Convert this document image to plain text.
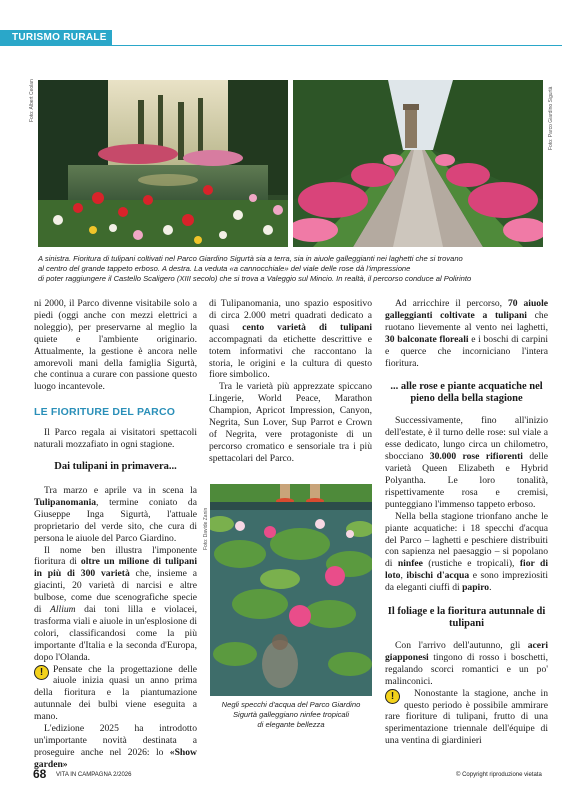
TURISMO RURALE
Foto: Albert Ceolan	Foto: Parco Giardino Sigurtà
A sinistra. Fioritura di tulipani coltivati nel Parco Giardino Sigurtà sia a terra, sia in aiuole galleggianti nei laghetti che si trovano
al centro del grande tappeto erboso. A destra. La veduta «a cannocchiale» del viale delle rose dà l'impressione
di poter raggiungere il Castello Scaligero (XIII secolo) che si trova a Valeggio sul Mincio. In realtà, il percorso conduce al Polirinto

ni 2000, il Parco divenne visitabile solo a piedi (oggi anche con mezzi elettrici a noleggio), per preservarne al meglio la quiete e l'ambiente originario. Attualmente, la gestione è ancora nelle amorevoli mani della famiglia Sigurtà, che continua a curare con passione questo luogo incantevole.

LE FIORITURE DEL PARCO

Il Parco regala ai visitatori spettacoli naturali mozzafiato in ogni stagione.

Dai tulipani in primavera...

Tra marzo e aprile va in scena la Tulipanomania, termine coniato da Giuseppe Inga Sigurtà, l'attuale proprietario del verde sito, che cura di persona le aiuole del Parco Giardino.

Il nome ben illustra l'imponente fioritura di oltre un milione di tulipani in più di 300 varietà che, insieme a giacinti, 20 varietà di narcisi e altre bulbose, come due scenografiche specie di Allium dai toni lilla e violacei, trasforma viali e aiuole in un'esplosione di colori, classificandosi come la più importante d'Italia e la seconda d'Europa, dopo l'Olanda.

!	Pensate che la progettazione delle aiuole inizia quasi un anno prima della fioritura e la piantumazione autunnale dei bulbi viene eseguita a mano.

L'edizione 2025 ha introdotto un'importante novità destinata a proseguire anche nel 2026: lo «Show garden»

di Tulipanomania, uno spazio espositivo di circa 2.000 metri quadrati dedicato a quasi cento varietà di tulipani accompagnati da etichette descrittive e totem informativi che raccontano la storia, le origini e la cultura di questo fiore simbolico.

Tra le varietà più apprezzate spiccano Lingerie, World Peace, Marathon Champion, Apricot Impression, Canyon, Negrita, Sun Lover, Sup Parrot e Crown of Negrita, vere protagoniste di un percorso cromatico e sensoriale tra i più spettacolari del Parco.

Foto: Davide Zanin
Negli specchi d'acqua del Parco Giardino
Sigurtà galleggiano ninfee tropicali
di elegante bellezza

Ad arricchire il percorso, 70 aiuole galleggianti coltivate a tulipani che ruotano lievemente al vento nei laghetti, 30 balconate floreali e i boschi di carpini e querce che incorniciano l'intera fioritura.

... alle rose e piante acquatiche nel pieno della bella stagione

Successivamente, fino all'inizio dell'estate, è il turno delle rose: sul viale a esse dedicato, lungo circa un chilometro, sbocciano 30.000 rose rifiorenti delle varietà Queen Elizabeth e Hybrid Polyantha. Le loro tonalità, rispettivamente rosa e cremisi, punteggiano l'immenso tappeto erboso.

Nella bella stagione trionfano anche le piante acquatiche: i 18 specchi d'acqua del Parco – laghetti e peschiere distribuiti con sapienza nel paesaggio – si popolano di ninfee (rustiche e tropicali), fior di loto, ibischi d'acqua e sono impreziositi da eleganti ciuffi di papiro.

Il foliage e la fioritura autunnale di tulipani

Con l'arrivo dell'autunno, gli aceri giapponesi tingono di rosso i boschetti, regalando scorci romantici e un po' malinconici.

!	Nonostante la stagione, anche in questo periodo è possibile ammirare rare fioriture di tulipani, frutto di una sperimentazione triennale dell'équipe di una ventina di giardinieri

68 VITA IN CAMPAGNA 2/2026	© Copyright riproduzione vietata
